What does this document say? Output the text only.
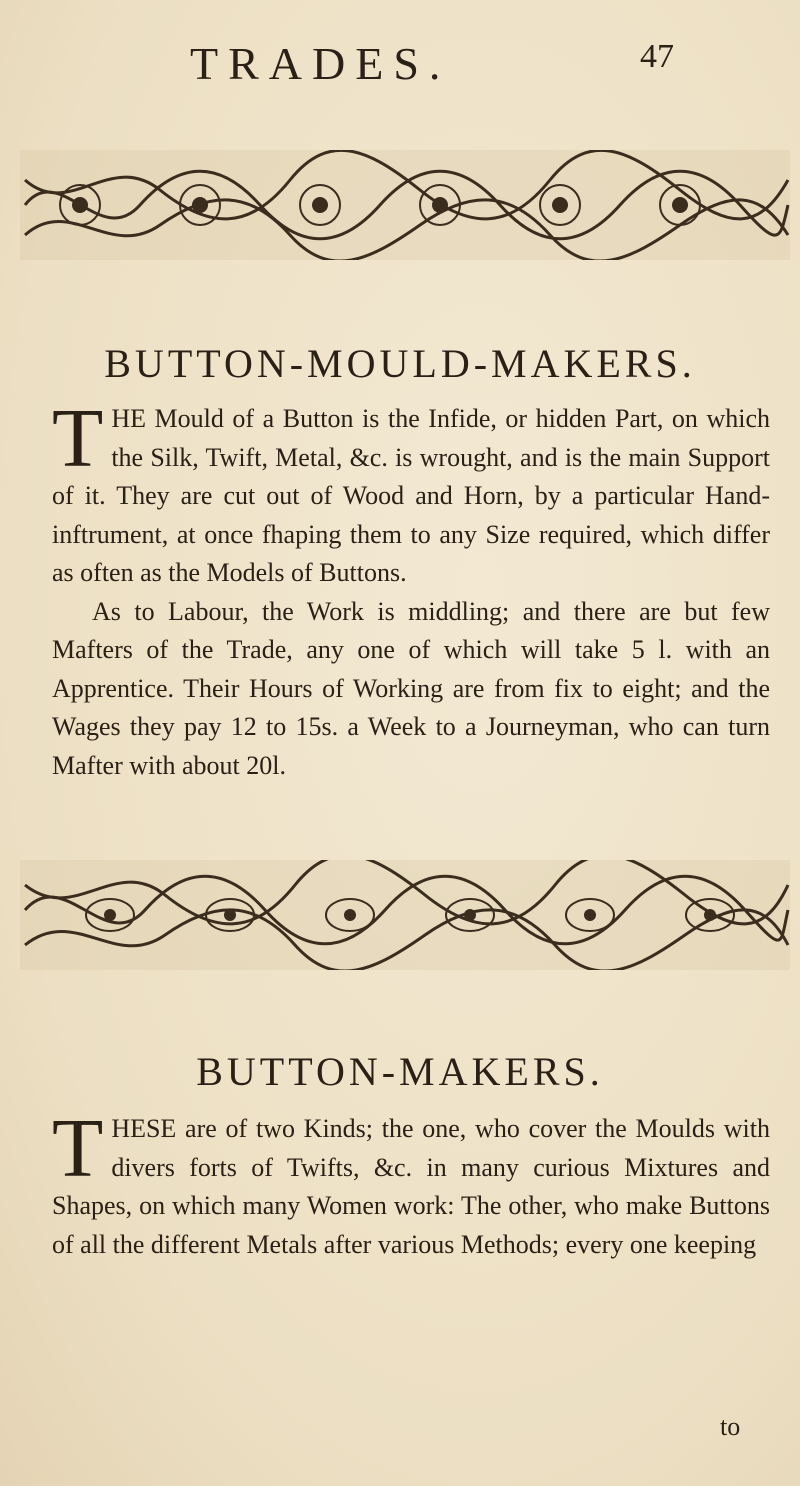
TRADES.	47
BUTTON-MOULD-MAKERS.

THE Mould of a Button is the Infide, or hidden Part, on which the Silk, Twift, Metal, &c. is wrought, and is the main Support of it. They are cut out of Wood and Horn, by a particular Hand-inftrument, at once fhaping them to any Size required, which differ as often as the Models of Buttons.

As to Labour, the Work is middling; and there are but few Mafters of the Trade, any one of which will take 5 l. with an Apprentice. Their Hours of Working are from fix to eight; and the Wages they pay 12 to 15s. a Week to a Journeyman, who can turn Mafter with about 20l.

BUTTON-MAKERS.

THESE are of two Kinds; the one, who cover the Moulds with divers forts of Twifts, &c. in many curious Mixtures and Shapes, on which many Women work: The other, who make Buttons of all the different Metals after various Methods; every one keeping

to
